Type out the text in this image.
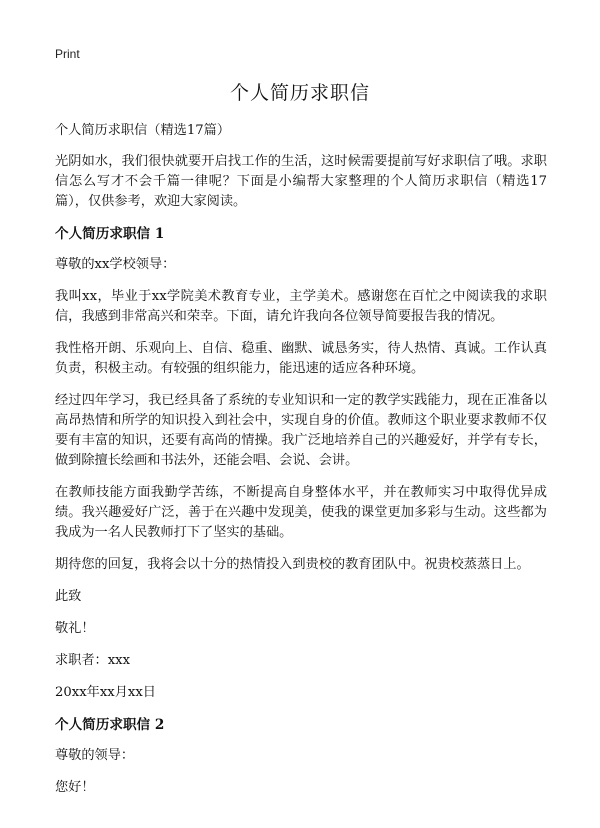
Print
个人简历求职信

个人简历求职信（精选17篇）

光阴如水，我们很快就要开启找工作的生活，这时候需要提前写好求职信了哦。求职信怎么写才不会千篇一律呢？下面是小编帮大家整理的个人简历求职信（精选17篇），仅供参考，欢迎大家阅读。

个人简历求职信 1

尊敬的xx学校领导：

我叫xx，毕业于xx学院美术教育专业，主学美术。感谢您在百忙之中阅读我的求职信，我感到非常高兴和荣幸。下面，请允许我向各位领导简要报告我的情况。

我性格开朗、乐观向上、自信、稳重、幽默、诚恳务实，待人热情、真诚。工作认真负责，积极主动。有较强的组织能力，能迅速的适应各种环境。

经过四年学习，我已经具备了系统的专业知识和一定的教学实践能力，现在正准备以高昂热情和所学的知识投入到社会中，实现自身的价值。教师这个职业要求教师不仅要有丰富的知识，还要有高尚的情操。我广泛地培养自己的兴趣爱好，并学有专长，做到除擅长绘画和书法外，还能会唱、会说、会讲。

在教师技能方面我勤学苦练，不断提高自身整体水平，并在教师实习中取得优异成绩。我兴趣爱好广泛，善于在兴趣中发现美，使我的课堂更加多彩与生动。这些都为我成为一名人民教师打下了坚实的基础。

期待您的回复，我将会以十分的热情投入到贵校的教育团队中。祝贵校蒸蒸日上。

此致

敬礼！

求职者：xxx

20xx年xx月xx日

个人简历求职信 2

尊敬的领导：

您好！
